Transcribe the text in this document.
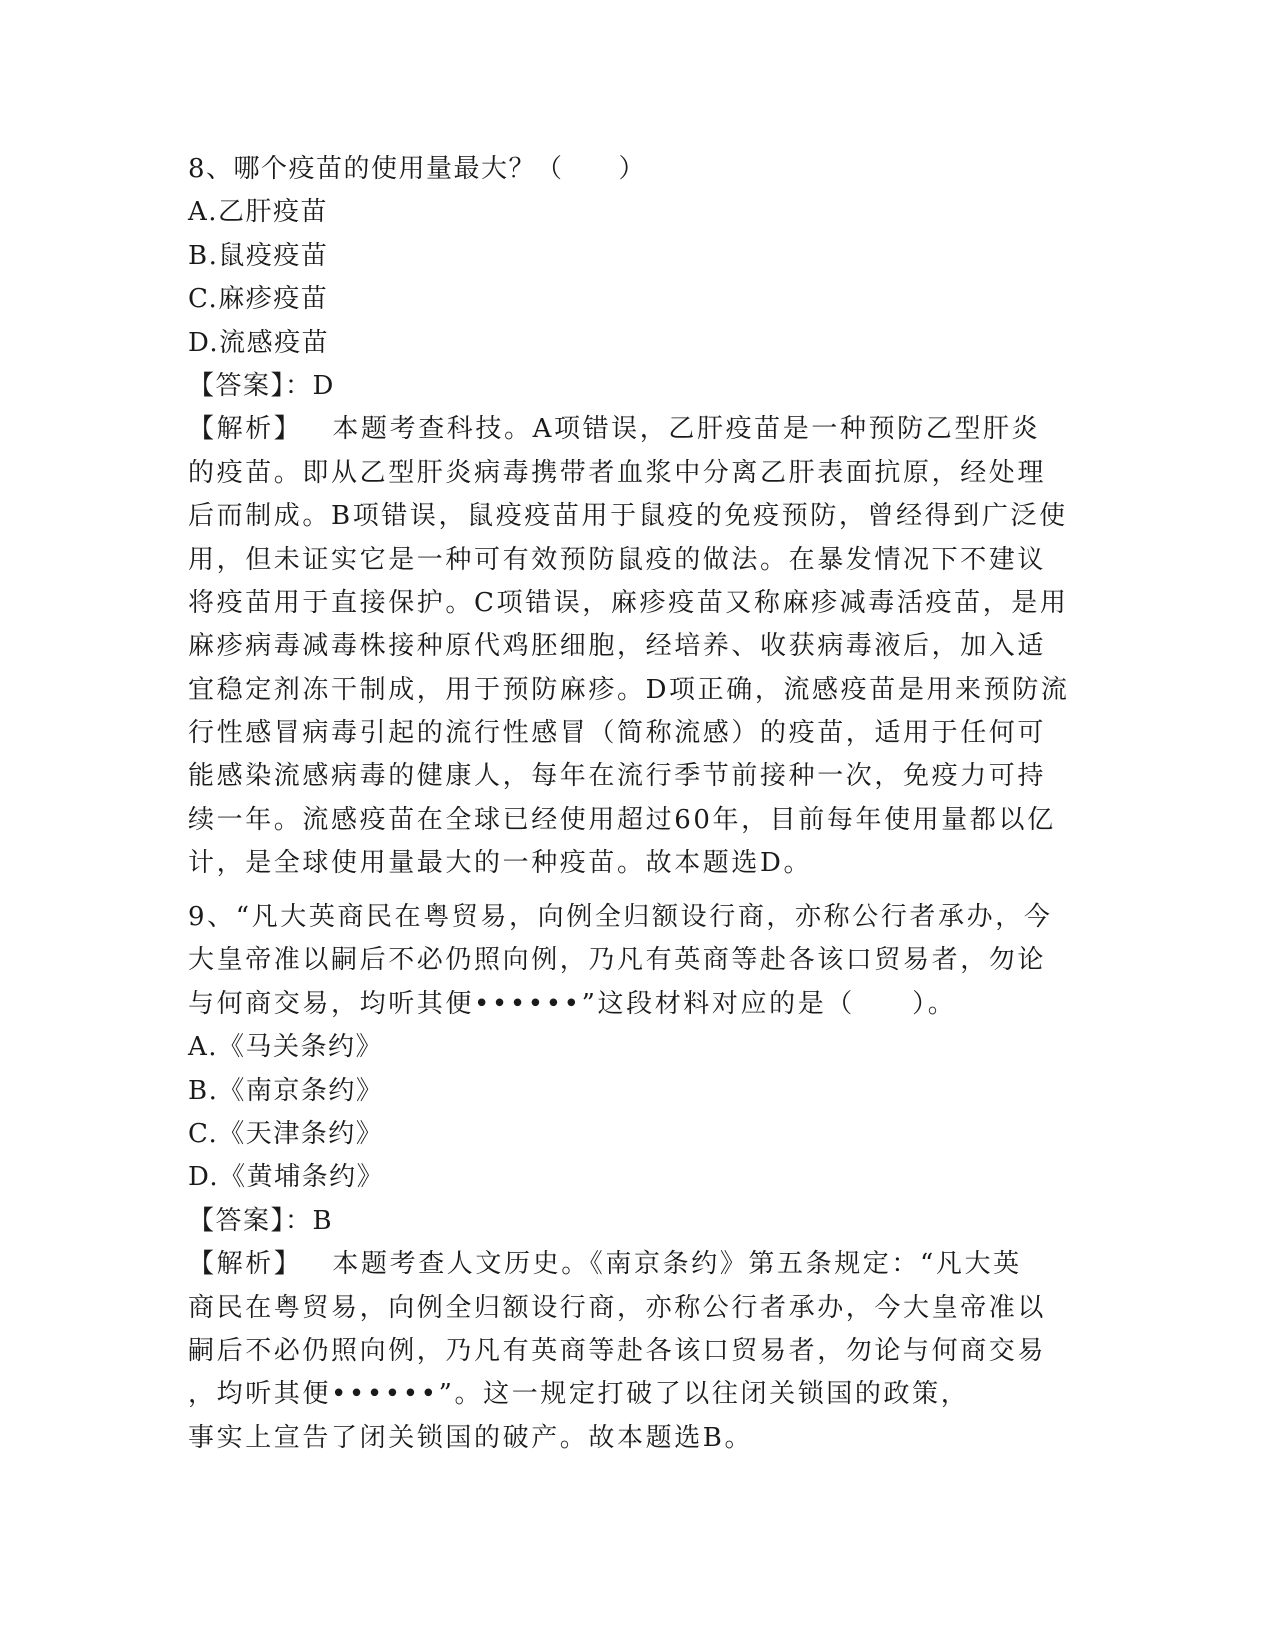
8、哪个疫苗的使用量最大？（　　）
A.乙肝疫苗
B.鼠疫疫苗
C.麻疹疫苗
D.流感疫苗
【答案】：D
【解析】 本题考查科技。A项错误，乙肝疫苗是一种预防乙型肝炎
的疫苗。即从乙型肝炎病毒携带者血浆中分离乙肝表面抗原，经处理
后而制成。B项错误，鼠疫疫苗用于鼠疫的免疫预防，曾经得到广泛使
用，但未证实它是一种可有效预防鼠疫的做法。在暴发情况下不建议
将疫苗用于直接保护。C项错误，麻疹疫苗又称麻疹减毒活疫苗，是用
麻疹病毒减毒株接种原代鸡胚细胞，经培养、收获病毒液后，加入适
宜稳定剂冻干制成，用于预防麻疹。D项正确，流感疫苗是用来预防流
行性感冒病毒引起的流行性感冒（简称流感）的疫苗，适用于任何可
能感染流感病毒的健康人，每年在流行季节前接种一次，免疫力可持
续一年。流感疫苗在全球已经使用超过60年，目前每年使用量都以亿
计，是全球使用量最大的一种疫苗。故本题选D。
9、“凡大英商民在粤贸易，向例全归额设行商，亦称公行者承办，今
大皇帝准以嗣后不必仍照向例，乃凡有英商等赴各该口贸易者，勿论
与何商交易，均听其便••••••”这段材料对应的是（　　）。
A.《马关条约》
B.《南京条约》
C.《天津条约》
D.《黄埔条约》
【答案】：B
【解析】 本题考查人文历史。《南京条约》第五条规定：“凡大英
商民在粤贸易，向例全归额设行商，亦称公行者承办，今大皇帝准以
嗣后不必仍照向例，乃凡有英商等赴各该口贸易者，勿论与何商交易
，均听其便••••••”。这一规定打破了以往闭关锁国的政策，
事实上宣告了闭关锁国的破产。故本题选B。
